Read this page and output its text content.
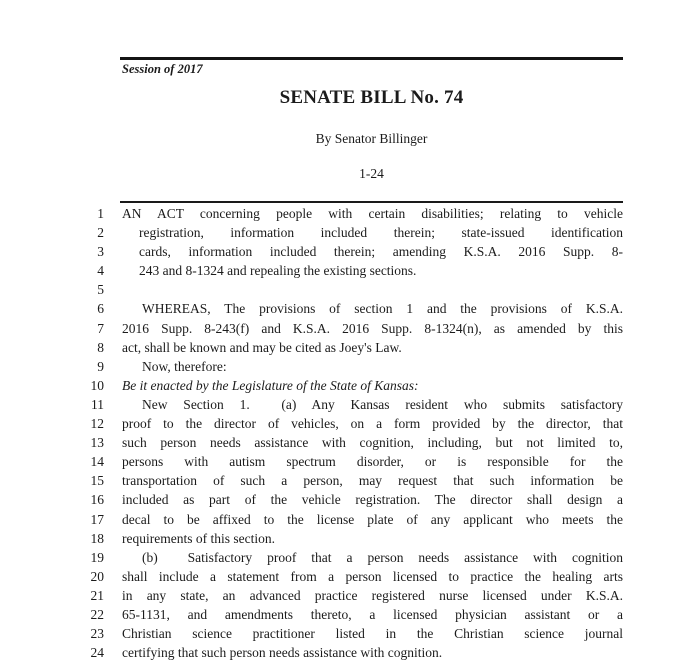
Session of 2017
SENATE BILL No. 74
By Senator Billinger
1-24
1 AN ACT concerning people with certain disabilities; relating to vehicle
2	registration, information included therein; state-issued identification
3	cards, information included therein; amending K.S.A. 2016 Supp. 8-
4	243 and 8-1324 and repealing the existing sections.
5
6	WHEREAS, The provisions of section 1 and the provisions of K.S.A.
7 2016 Supp. 8-243(f) and K.S.A. 2016 Supp. 8-1324(n), as amended by this
8 act, shall be known and may be cited as Joey's Law.
9	Now, therefore:
10 Be it enacted by the Legislature of the State of Kansas:
11	New Section 1.  (a) Any Kansas resident who submits satisfactory
12 proof to the director of vehicles, on a form provided by the director, that
13 such person needs assistance with cognition, including, but not limited to,
14 persons with autism spectrum disorder, or is responsible for the
15 transportation of such a person, may request that such information be
16 included as part of the vehicle registration. The director shall design a
17 decal to be affixed to the license plate of any applicant who meets the
18 requirements of this section.
19	(b)  Satisfactory proof that a person needs assistance with cognition
20 shall include a statement from a person licensed to practice the healing arts
21 in any state, an advanced practice registered nurse licensed under K.S.A.
22 65-1131, and amendments thereto, a licensed physician assistant or a
23 Christian science practitioner listed in the Christian science journal
24 certifying that such person needs assistance with cognition.
